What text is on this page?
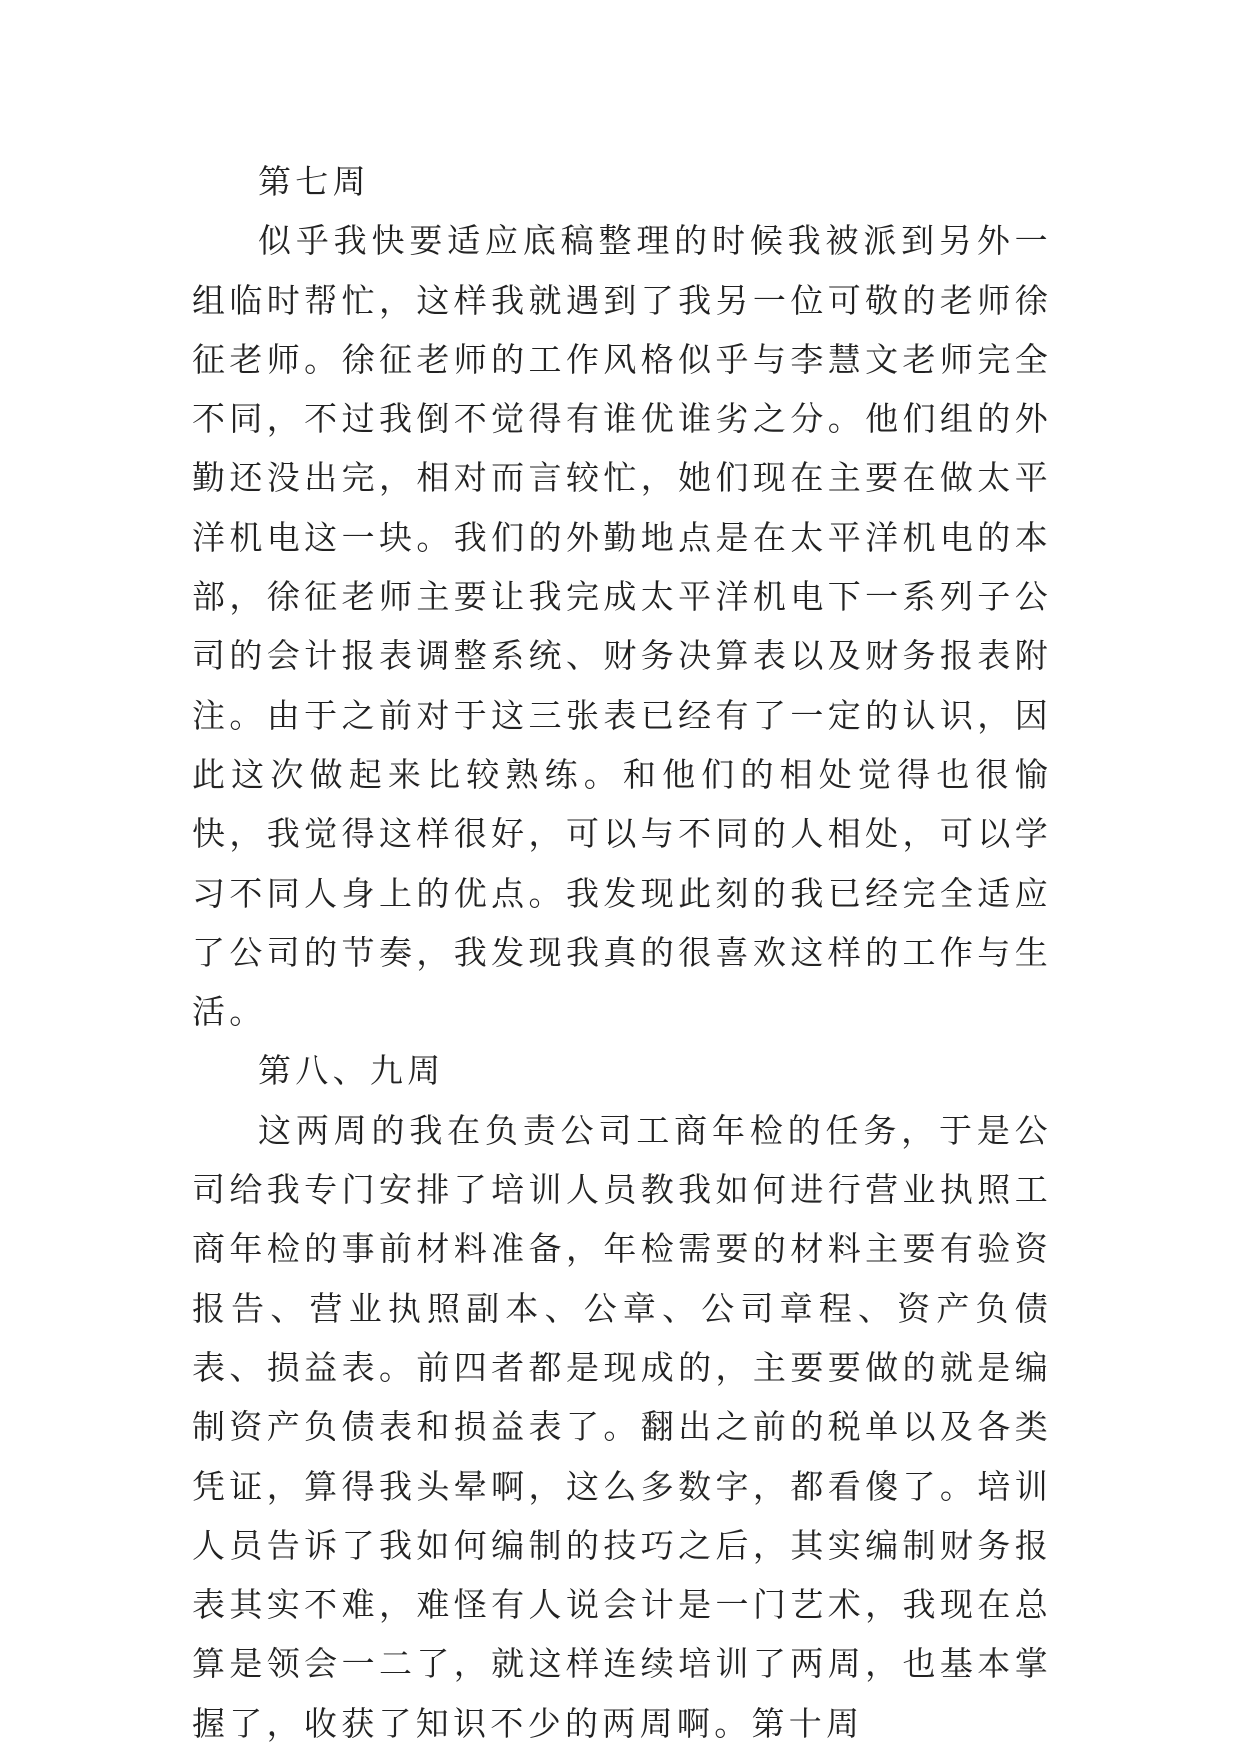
第七周

似乎我快要适应底稿整理的时候我被派到另外一组临时帮忙，这样我就遇到了我另一位可敬的老师徐征老师。徐征老师的工作风格似乎与李慧文老师完全不同，不过我倒不觉得有谁优谁劣之分。他们组的外勤还没出完，相对而言较忙，她们现在主要在做太平洋机电这一块。我们的外勤地点是在太平洋机电的本部，徐征老师主要让我完成太平洋机电下一系列子公司的会计报表调整系统、财务决算表以及财务报表附注。由于之前对于这三张表已经有了一定的认识，因此这次做起来比较熟练。和他们的相处觉得也很愉快，我觉得这样很好，可以与不同的人相处，可以学习不同人身上的优点。我发现此刻的我已经完全适应了公司的节奏，我发现我真的很喜欢这样的工作与生活。

第八、九周

这两周的我在负责公司工商年检的任务，于是公司给我专门安排了培训人员教我如何进行营业执照工商年检的事前材料准备，年检需要的材料主要有验资报告、营业执照副本、公章、公司章程、资产负债表、损益表。前四者都是现成的，主要要做的就是编制资产负债表和损益表了。翻出之前的税单以及各类凭证，算得我头晕啊，这么多数字，都看傻了。培训人员告诉了我如何编制的技巧之后，其实编制财务报表其实不难，难怪有人说会计是一门艺术，我现在总算是领会一二了，就这样连续培训了两周，也基本掌握了，收获了知识不少的两周啊。第十周
